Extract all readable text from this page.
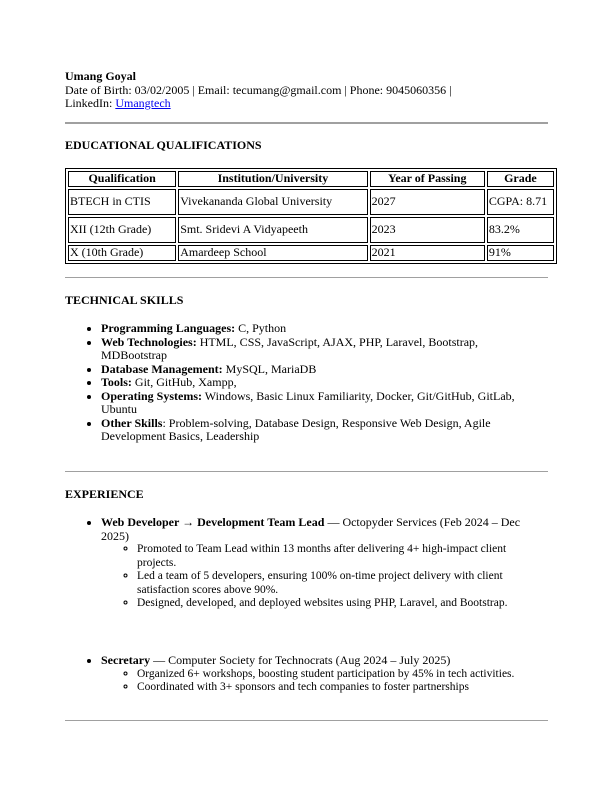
Umang Goyal
Date of Birth: 03/02/2005 | Email: tecumang@gmail.com | Phone: 9045060356 |
LinkedIn: Umangtech
EDUCATIONAL QUALIFICATIONS
Qualification	Institution/University	Year of Passing	Grade
BTECH in CTIS	Vivekananda Global University	2027	CGPA: 8.71
XII (12th Grade)	Smt. Sridevi A Vidyapeeth	2023	83.2%
X (10th Grade)	Amardeep School	2021	91%
TECHNICAL SKILLS
• Programming Languages: C, Python
• Web Technologies: HTML, CSS, JavaScript, AJAX, PHP, Laravel, Bootstrap, MDBootstrap
• Database Management: MySQL, MariaDB
• Tools: Git, GitHub, Xampp,
• Operating Systems: Windows, Basic Linux Familiarity, Docker, Git/GitHub, GitLab, Ubuntu
• Other Skills: Problem-solving, Database Design, Responsive Web Design, Agile Development Basics, Leadership
EXPERIENCE
• Web Developer → Development Team Lead — Octopyder Services (Feb 2024 – Dec 2025)
◦ Promoted to Team Lead within 13 months after delivering 4+ high-impact client projects.
◦ Led a team of 5 developers, ensuring 100% on-time project delivery with client satisfaction scores above 90%.
◦ Designed, developed, and deployed websites using PHP, Laravel, and Bootstrap.
• Secretary — Computer Society for Technocrats (Aug 2024 – July 2025)
◦ Organized 6+ workshops, boosting student participation by 45% in tech activities.
◦ Coordinated with 3+ sponsors and tech companies to foster partnerships
